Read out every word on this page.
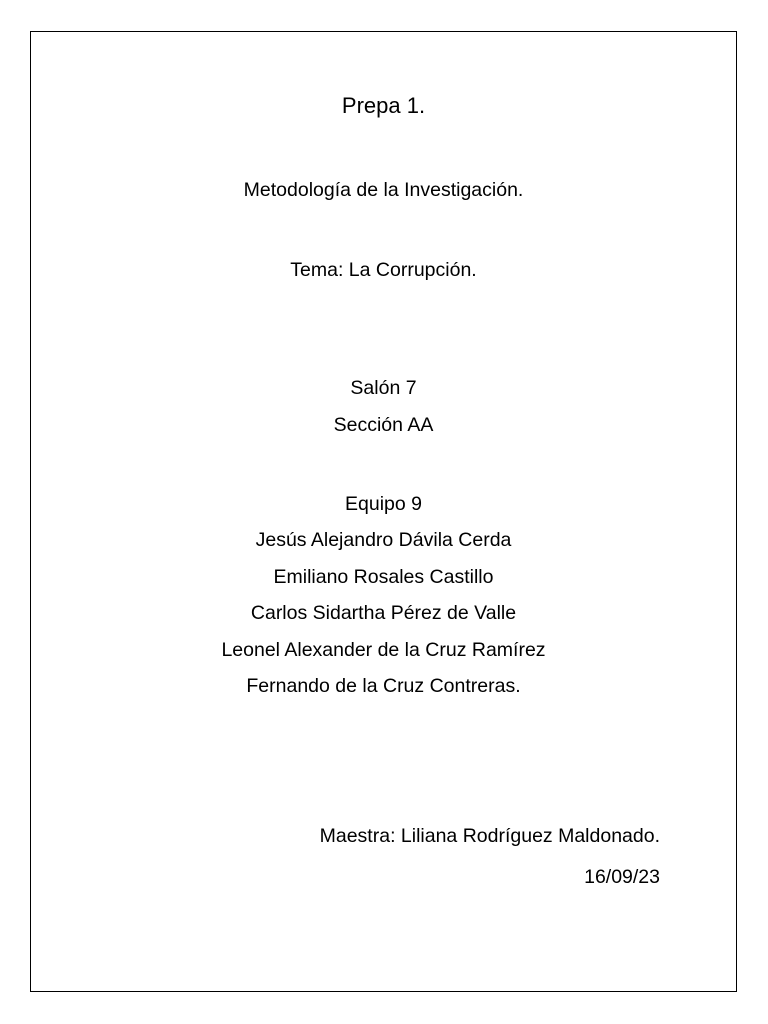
Prepa 1.

Metodología de la Investigación.

Tema: La Corrupción.

Salón 7

Sección AA

Equipo 9

Jesús Alejandro Dávila Cerda
Emiliano Rosales Castillo
Carlos Sidartha Pérez de Valle
Leonel Alexander de la Cruz Ramírez
Fernando de la Cruz Contreras.

Maestra: Liliana Rodríguez Maldonado.

16/09/23
